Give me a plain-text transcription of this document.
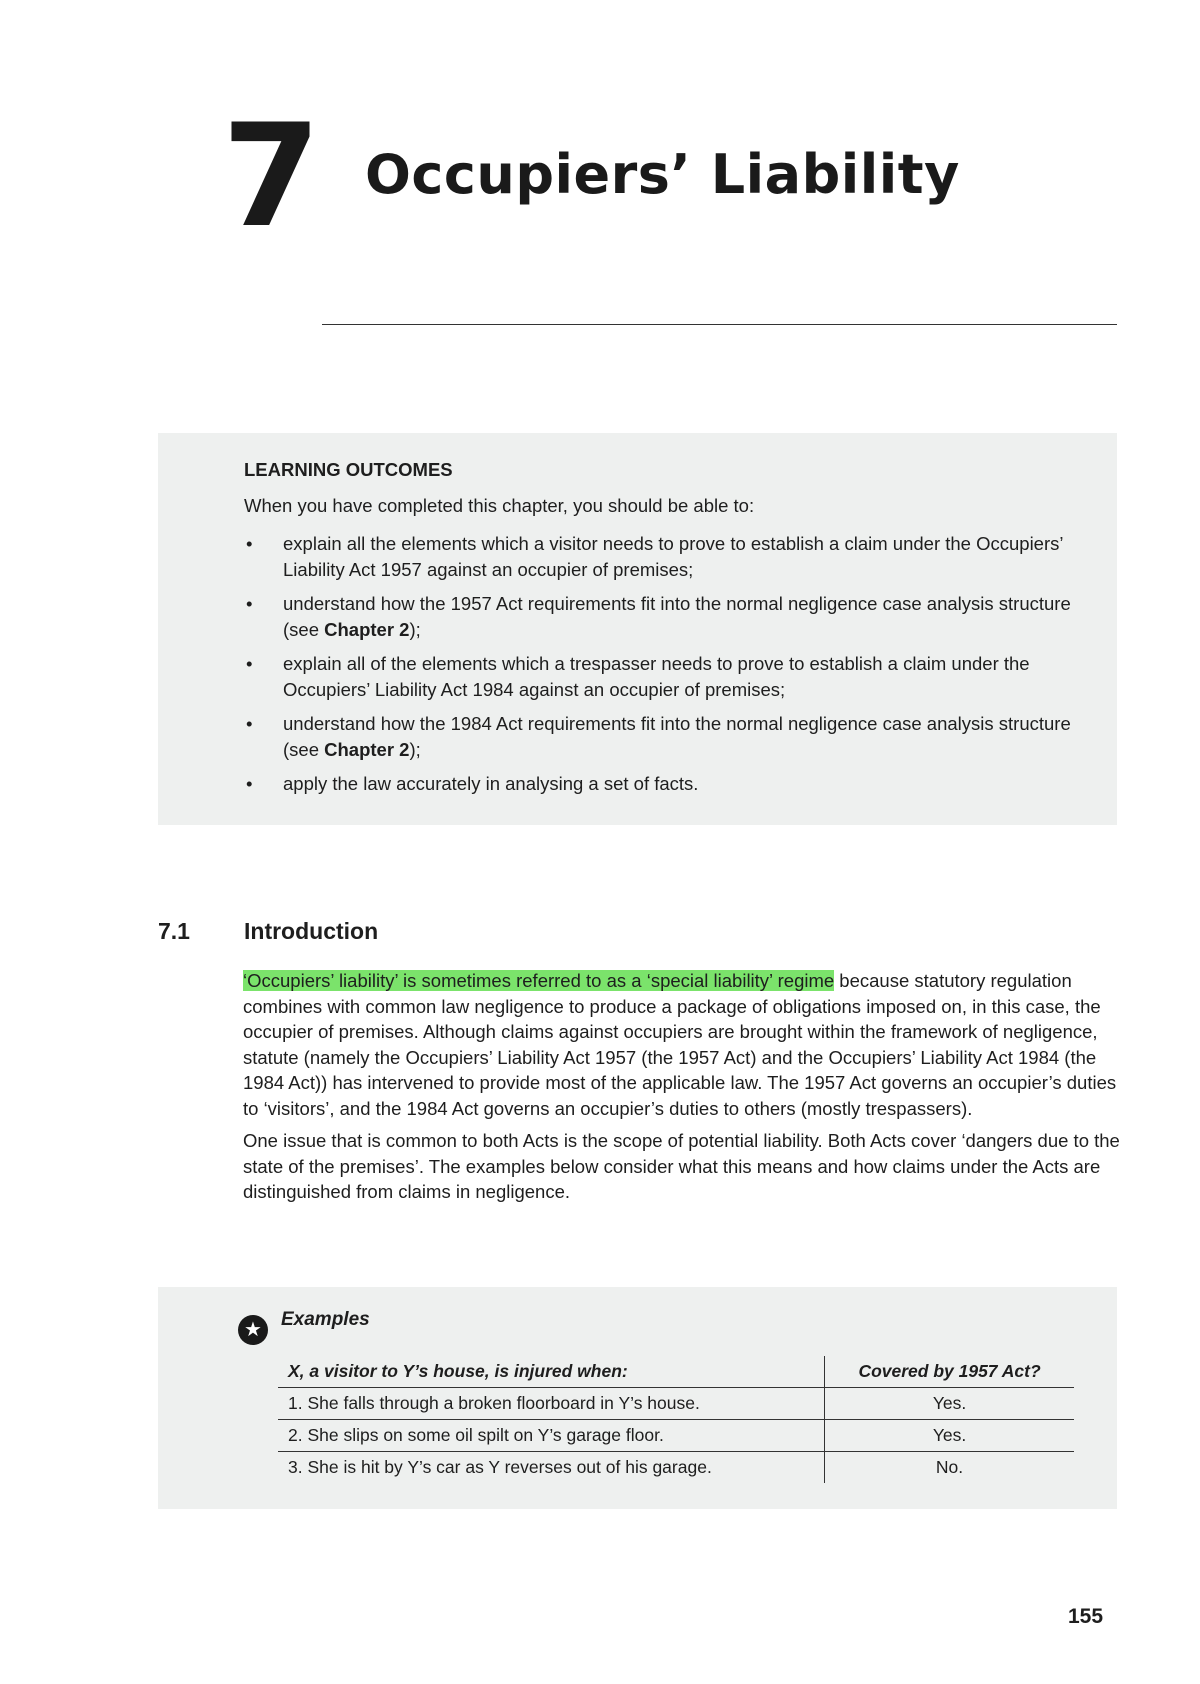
7 Occupiers’ Liability
LEARNING OUTCOMES
When you have completed this chapter, you should be able to:
• explain all the elements which a visitor needs to prove to establish a claim under the Occupiers’ Liability Act 1957 against an occupier of premises;
• understand how the 1957 Act requirements fit into the normal negligence case analysis structure (see Chapter 2);
• explain all of the elements which a trespasser needs to prove to establish a claim under the Occupiers’ Liability Act 1984 against an occupier of premises;
• understand how the 1984 Act requirements fit into the normal negligence case analysis structure (see Chapter 2);
• apply the law accurately in analysing a set of facts.
7.1 Introduction

‘Occupiers’ liability’ is sometimes referred to as a ‘special liability’ regime because statutory regulation combines with common law negligence to produce a package of obligations imposed on, in this case, the occupier of premises. Although claims against occupiers are brought within the framework of negligence, statute (namely the Occupiers’ Liability Act 1957 (the 1957 Act) and the Occupiers’ Liability Act 1984 (the 1984 Act)) has intervened to provide most of the applicable law. The 1957 Act governs an occupier’s duties to ‘visitors’, and the 1984 Act governs an occupier’s duties to others (mostly trespassers).

One issue that is common to both Acts is the scope of potential liability. Both Acts cover ‘dangers due to the state of the premises’. The examples below consider what this means and how claims under the Acts are distinguished from claims in negligence.

★	Examples
X, a visitor to Y’s house, is injured when:	Covered by 1957 Act?
1. She falls through a broken floorboard in Y’s house.	Yes.
2. She slips on some oil spilt on Y’s garage floor.	Yes.
3. She is hit by Y’s car as Y reverses out of his garage.	No.
155
